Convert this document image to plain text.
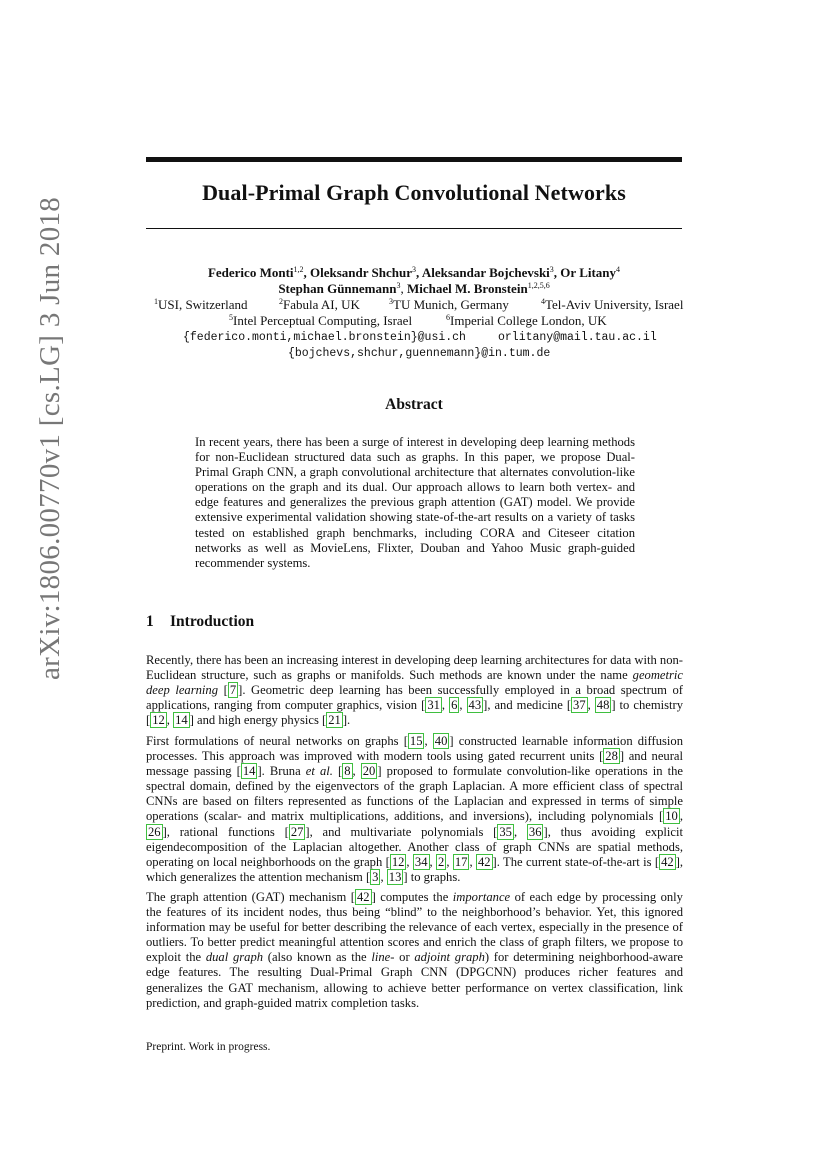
arXiv:1806.00770v1 [cs.LG] 3 Jun 2018
Dual-Primal Graph Convolutional Networks
Federico Monti$^{1,2}$, Oleksandr Shchur$^3$, Aleksandar Bojchevski$^3$, Or Litany$^4$
Stephan Günnemann$^3$, Michael M. Bronstein$^{1,2,5,6}$
$^1$USI, Switzerland	$^2$Fabula AI, UK	$^3$TU Munich, Germany	$^4$Tel-Aviv University, Israel
$^5$Intel Perceptual Computing, Israel	$^6$Imperial College London, UK
{federico.monti,michael.bronstein}@usi.ch	orlitany@mail.tau.ac.il
{bojchevs,shchur,guennemann}@in.tum.de
Abstract
In recent years, there has been a surge of interest in developing deep learning methods for non-Euclidean structured data such as graphs. In this paper, we propose Dual-Primal Graph CNN, a graph convolutional architecture that alternates convolution-like operations on the graph and its dual. Our approach allows to learn both vertex- and edge features and generalizes the previous graph attention (GAT) model. We provide extensive experimental validation showing state-of-the-art results on a variety of tasks tested on established graph benchmarks, including CORA and Citeseer citation networks as well as MovieLens, Flixter, Douban and Yahoo Music graph-guided recommender systems.
1 Introduction
Recently, there has been an increasing interest in developing deep learning architectures for data with non-Euclidean structure, such as graphs or manifolds. Such methods are known under the name geometric deep learning [ 7 ]. Geometric deep learning has been successfully employed in a broad spectrum of applications, ranging from computer graphics, vision [ 31 , 6 , 43 ], and medicine [ 37 , 48 ] to chemistry [ 12 , 14 ] and high energy physics [ 21 ].
First formulations of neural networks on graphs [ 15 , 40 ] constructed learnable information diffusion processes. This approach was improved with modern tools using gated recurrent units [ 28 ] and neural message passing [ 14 ]. Bruna et al. [ 8 , 20 ] proposed to formulate convolution-like operations in the spectral domain, defined by the eigenvectors of the graph Laplacian. A more efficient class of spectral CNNs are based on filters represented as functions of the Laplacian and expressed in terms of simple operations (scalar- and matrix multiplications, additions, and inversions), including polynomials [ 10 , 26 ], rational functions [ 27 ], and multivariate polynomials [ 35 , 36 ], thus avoiding explicit eigendecomposition of the Laplacian altogether. Another class of graph CNNs are spatial methods, operating on local neighborhoods on the graph [ 12 , 34 , 2 , 17 , 42 ]. The current state-of-the-art is [ 42 ], which generalizes the attention mechanism [ 3 , 13 ] to graphs.
The graph attention (GAT) mechanism [ 42 ] computes the importance of each edge by processing only the features of its incident nodes, thus being “blind” to the neighborhood’s behavior. Yet, this ignored information may be useful for better describing the relevance of each vertex, especially in the presence of outliers. To better predict meaningful attention scores and enrich the class of graph filters, we propose to exploit the dual graph (also known as the line- or adjoint graph) for determining neighborhood-aware edge features. The resulting Dual-Primal Graph CNN (DPGCNN) produces richer features and generalizes the GAT mechanism, allowing to achieve better performance on vertex classification, link prediction, and graph-guided matrix completion tasks.
Preprint. Work in progress.
